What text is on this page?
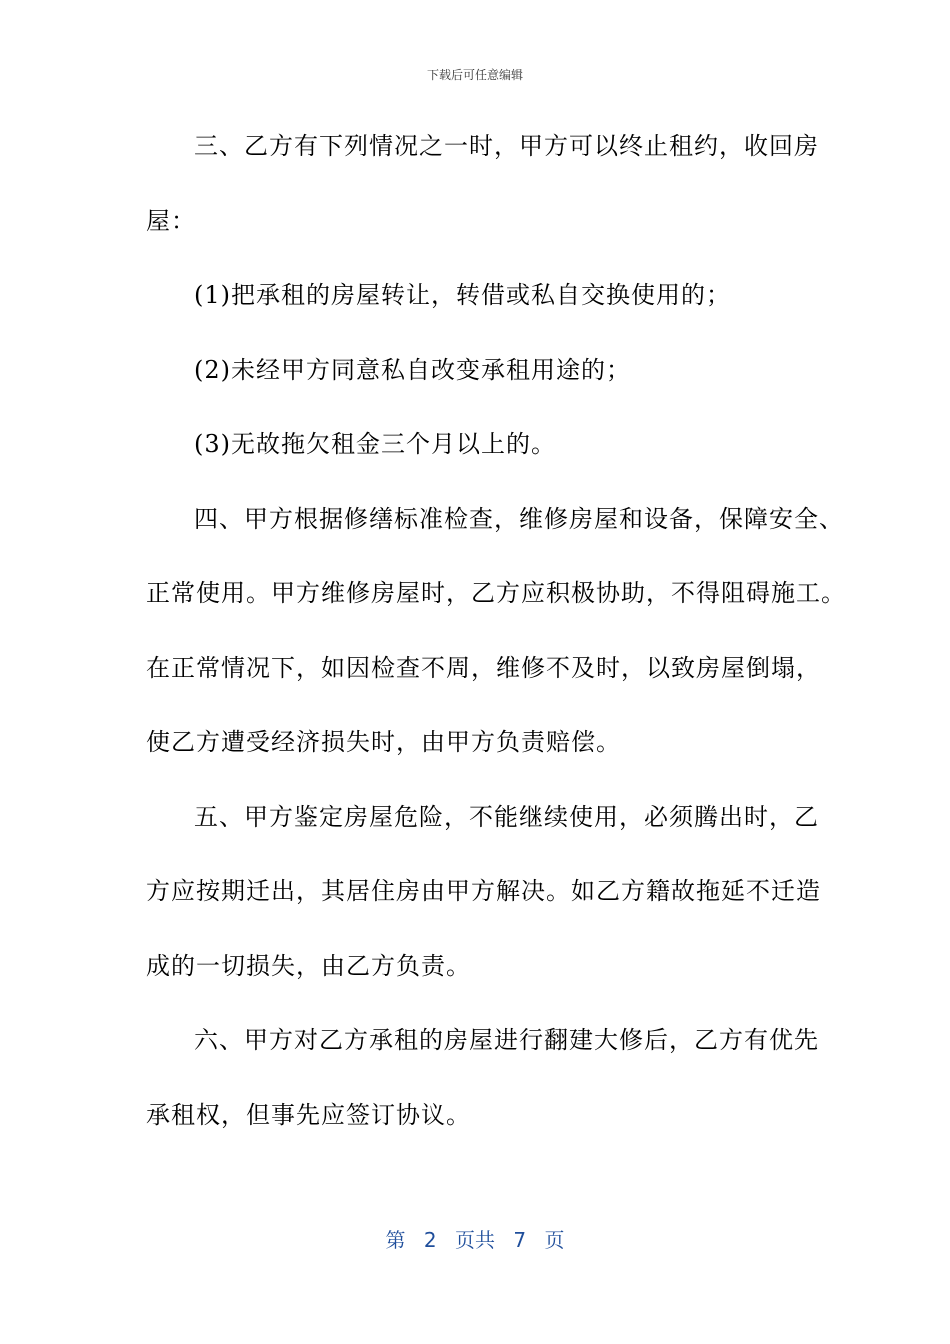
下载后可任意编辑
三、乙方有下列情况之一时，甲方可以终止租约，收回房
屋：
(1)把承租的房屋转让，转借或私自交换使用的；
(2)未经甲方同意私自改变承租用途的；
(3)无故拖欠租金三个月以上的。
四、甲方根据修缮标准检查，维修房屋和设备，保障安全、
正常使用。甲方维修房屋时，乙方应积极协助，不得阻碍施工。
在正常情况下，如因检查不周，维修不及时，以致房屋倒塌，
使乙方遭受经济损失时，由甲方负责赔偿。
五、甲方鉴定房屋危险，不能继续使用，必须腾出时，乙
方应按期迁出，其居住房由甲方解决。如乙方籍故拖延不迁造
成的一切损失，由乙方负责。
六、甲方对乙方承租的房屋进行翻建大修后，乙方有优先
承租权，但事先应签订协议。
第 2 页共 7 页
